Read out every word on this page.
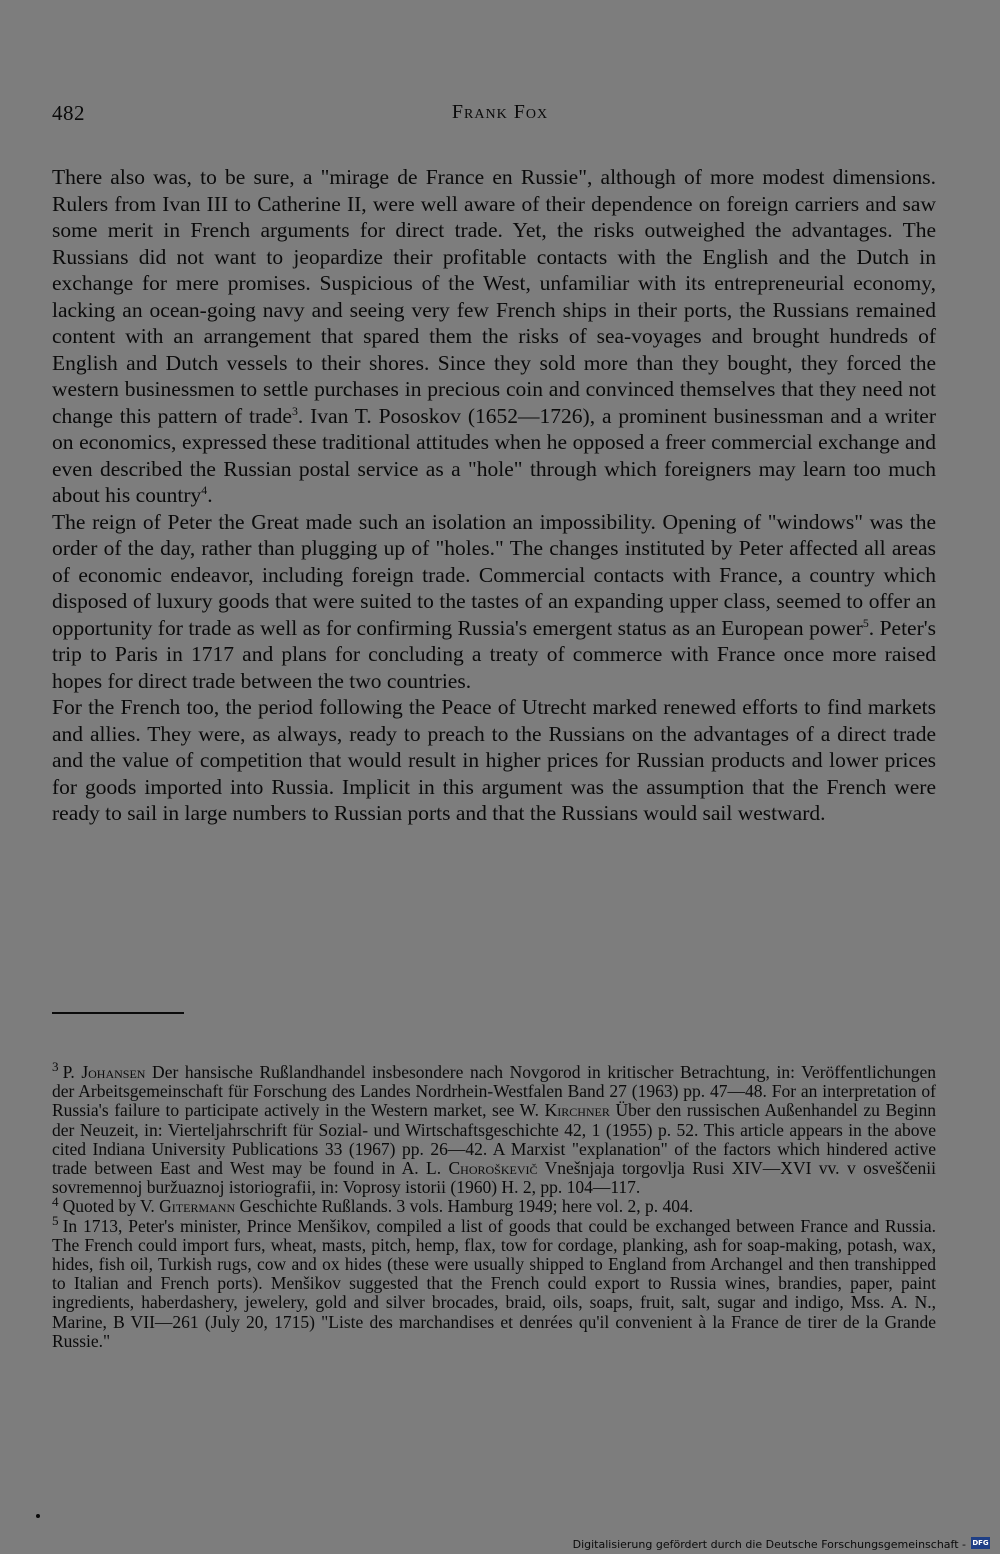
482	Frank Fox

There also was, to be sure, a "mirage de France en Russie", although of more modest dimensions. Rulers from Ivan III to Catherine II, were well aware of their dependence on foreign carriers and saw some merit in French arguments for direct trade. Yet, the risks outweighed the advantages. The Russians did not want to jeopardize their profitable contacts with the English and the Dutch in exchange for mere promises. Suspicious of the West, unfamiliar with its entrepreneurial economy, lacking an ocean-going navy and seeing very few French ships in their ports, the Russians remained content with an arrangement that spared them the risks of sea-voyages and brought hundreds of English and Dutch vessels to their shores. Since they sold more than they bought, they forced the western businessmen to settle purchases in precious coin and convinced themselves that they need not change this pattern of trade$^3$. Ivan T. Pososkov (1652—1726), a prominent businessman and a writer on economics, expressed these traditional attitudes when he opposed a freer commercial exchange and even described the Russian postal service as a "hole" through which foreigners may learn too much about his country$^4$.

The reign of Peter the Great made such an isolation an impossibility. Opening of "windows" was the order of the day, rather than plugging up of "holes." The changes instituted by Peter affected all areas of economic endeavor, including foreign trade. Commercial contacts with France, a country which disposed of luxury goods that were suited to the tastes of an expanding upper class, seemed to offer an opportunity for trade as well as for confirming Russia's emergent status as an European power$^5$. Peter's trip to Paris in 1717 and plans for concluding a treaty of commerce with France once more raised hopes for direct trade between the two countries.

For the French too, the period following the Peace of Utrecht marked renewed efforts to find markets and allies. They were, as always, ready to preach to the Russians on the advantages of a direct trade and the value of competition that would result in higher prices for Russian products and lower prices for goods imported into Russia. Implicit in this argument was the assumption that the French were ready to sail in large numbers to Russian ports and that the Russians would sail westward.

$^3$ P. Johansen Der hansische Rußlandhandel insbesondere nach Novgorod in kritischer Betrachtung, in: Veröffentlichungen der Arbeitsgemeinschaft für Forschung des Landes Nordrhein-Westfalen Band 27 (1963) pp. 47—48. For an interpretation of Russia's failure to participate actively in the Western market, see W. Kirchner Über den russischen Außenhandel zu Beginn der Neuzeit, in: Vierteljahrschrift für Sozial- und Wirtschaftsgeschichte 42, 1 (1955) p. 52. This article appears in the above cited Indiana University Publications 33 (1967) pp. 26—42. A Marxist "explanation" of the factors which hindered active trade between East and West may be found in A. L. Choroškevič Vnešnjaja torgovlja Rusi XIV—XVI vv. v osveščenii sovremennoj buržuaznoj istoriografii, in: Voprosy istorii (1960) H. 2, pp. 104—117.

$^4$ Quoted by V. Gitermann Geschichte Rußlands. 3 vols. Hamburg 1949; here vol. 2, p. 404.

$^5$ In 1713, Peter's minister, Prince Menšikov, compiled a list of goods that could be exchanged between France and Russia. The French could import furs, wheat, masts, pitch, hemp, flax, tow for cordage, planking, ash for soap-making, potash, wax, hides, fish oil, Turkish rugs, cow and ox hides (these were usually shipped to England from Archangel and then transhipped to Italian and French ports). Menšikov suggested that the French could export to Russia wines, brandies, paper, paint ingredients, haberdashery, jewelery, gold and silver brocades, braid, oils, soaps, fruit, salt, sugar and indigo, Mss. A. N., Marine, B VII—261 (July 20, 1715) "Liste des marchandises et denrées qu'il convenient à la France de tirer de la Grande Russie."

Digitalisierung gefördert durch die Deutsche Forschungsgemeinschaft - DFG
